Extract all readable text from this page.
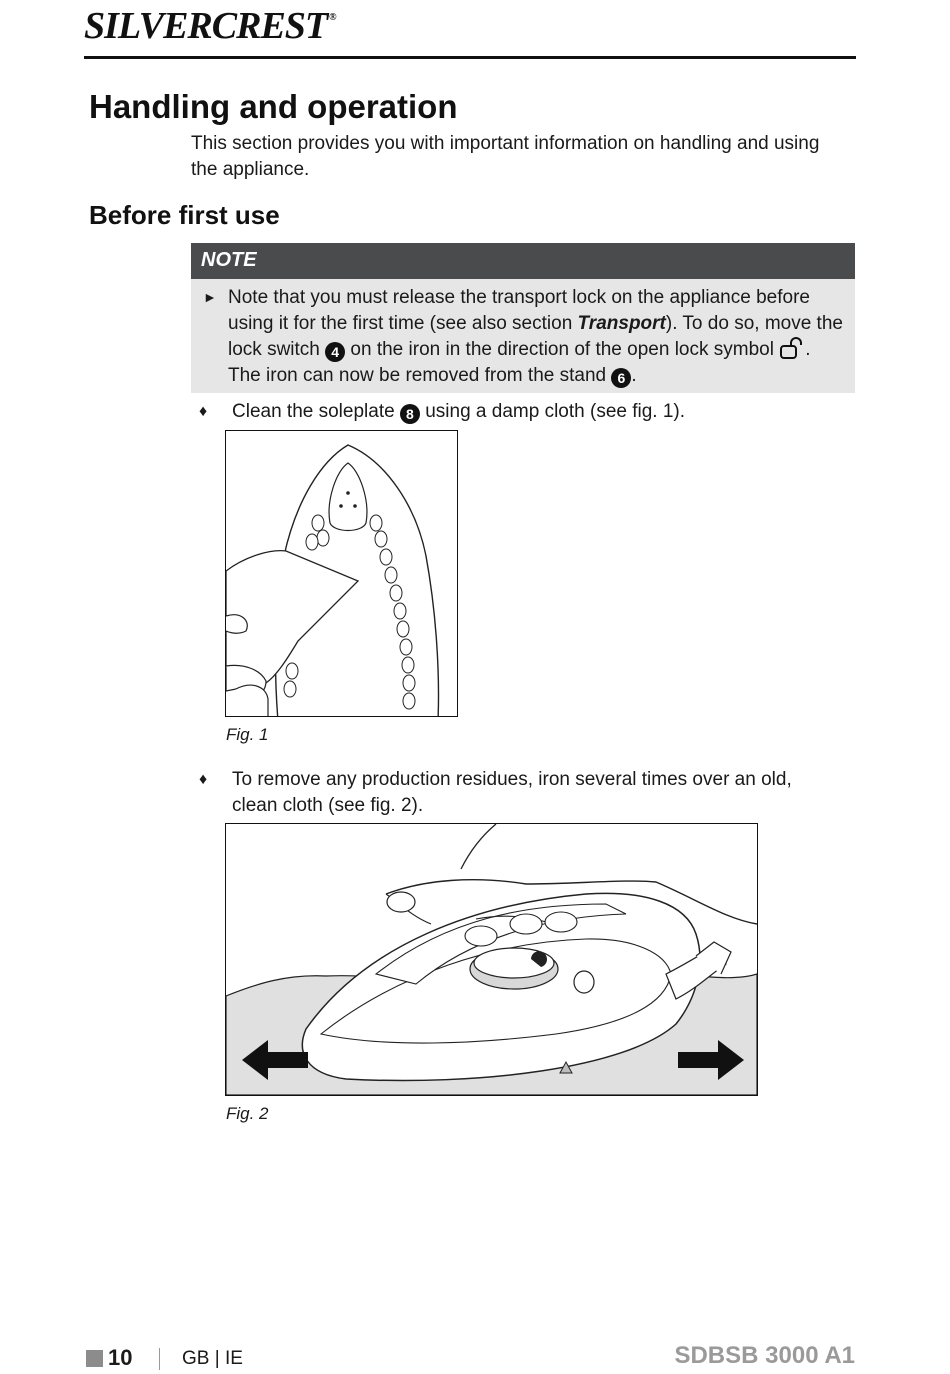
SILVERCREST ®
Handling and operation

This section provides you with important information on handling and using the appliance.

Before first use
NOTE
► Note that you must release the transport lock on the appliance before using it for the first time (see also section Transport). To do so, move the lock switch 4 on the iron in the direction of the open lock symbol . The iron can now be removed from the stand 6 .

♦ Clean the soleplate 8 using a damp cloth (see fig. 1).
Fig. 1
♦ To remove any production residues, iron several times over an old, clean cloth (see fig. 2).
Fig. 2
10	GB | IE	SDBSB 3000 A1
